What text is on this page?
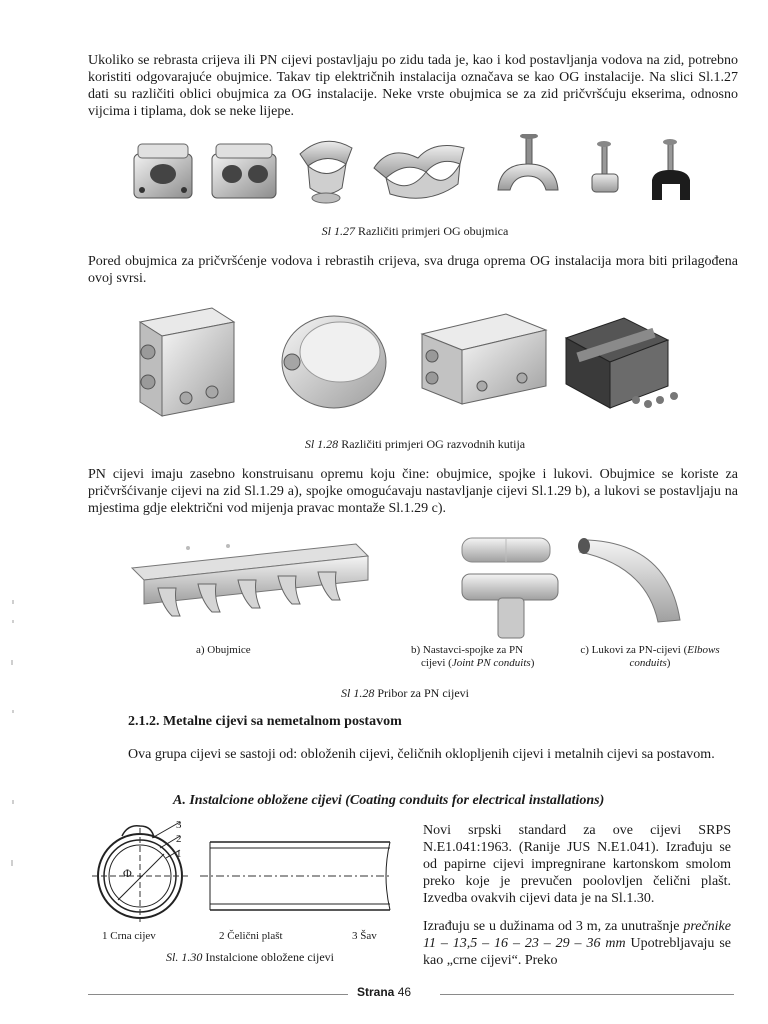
Ukoliko se rebrasta crijeva ili PN cijevi postavljaju po zidu tada je, kao i kod postavljanja vodova na zid, potrebno koristiti odgovarajuće obujmice. Takav tip električnih instalacija označava se kao OG instalacije. Na slici Sl.1.27 dati su različiti oblici obujmica za OG instalacije. Neke vrste obujmica se za zid pričvršćuju ekserima, odnosno vijcima i tiplama, dok se neke lijepe.

Sl 1.27 Različiti primjeri OG obujmica

Pored obujmica za pričvršćenje vodova i rebrastih crijeva, sva druga oprema OG instalacija mora biti prilagođena ovoj svrsi.

Sl 1.28 Različiti primjeri OG razvodnih kutija

PN cijevi imaju zasebno konstruisanu opremu koju čine: obujmice, spojke i lukovi. Obujmice se koriste za pričvršćivanje cijevi na zid Sl.1.29 a), spojke omogućavaju nastavljanje cijevi Sl.1.29 b), a lukovi se postavljaju na mjestima gdje električni vod mijenja pravac montaže Sl.1.29 c).

a) Obujmice	b) Nastavci-spojke za PN
cijevi (Joint PN conduits)
c) Lukovi za PN-cijevi (Elbows
conduits)
Sl 1.28 Pribor za PN cijevi
2.1.2. Metalne cijevi sa nemetalnom postavom

Ova grupa cijevi se sastoji od: obloženih cijevi, čeličnih oklopljenih cijevi i metalnih cijevi sa postavom.

A. Instalcione obložene cijevi (Coating conduits for electrical installations)
3
2
1
Φ
1 Crna cijev	2 Čelični plašt	3 Šav
Sl. 1.30 Instalcione obložene cijevi

Novi srpski standard za ove cijevi SRPS N.E1.041:1963. (Ranije JUS N.E1.041). Izrađuju se od papirne cijevi impregnirane kartonskom smolom preko koje je prevučen poolovljen čelični plašt. Izvedba ovakvih cijevi data je na Sl.1.30.

Izrađuju se u dužinama od 3 m, za unutrašnje prečnike 11 – 13,5 – 16 – 23 – 29 – 36 mm Upotrebljavaju se kao „crne cijevi“. Preko

Strana 46
